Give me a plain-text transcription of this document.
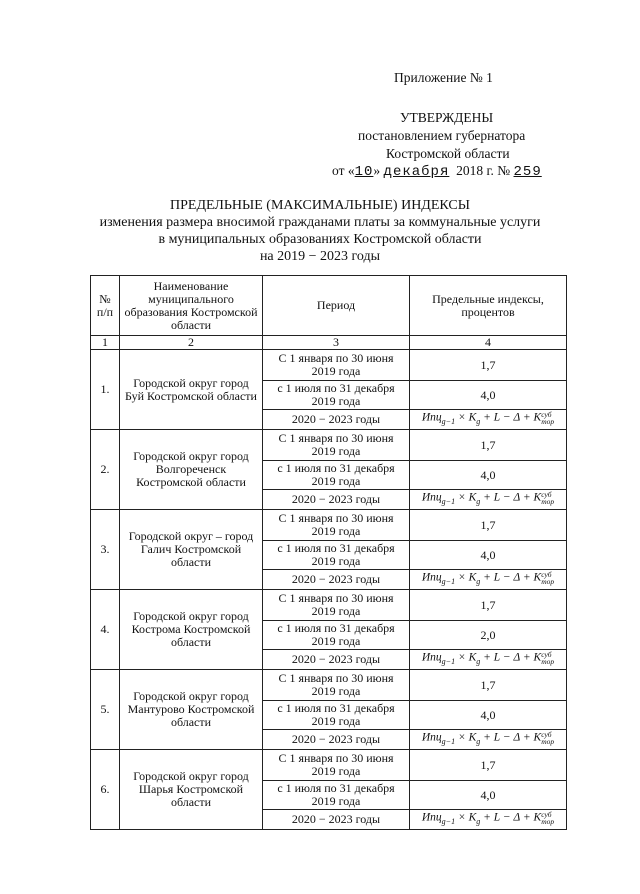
Приложение № 1
УТВЕРЖДЕНЫ
постановлением губернатора
Костромской области
от «10» декабря 2018 г. № 259
ПРЕДЕЛЬНЫЕ (МАКСИМАЛЬНЫЕ) ИНДЕКСЫ
изменения размера вносимой гражданами платы за коммунальные услуги
в муниципальных образованиях Костромской области
на 2019 − 2023 годы
№ п/п	Наименование муниципального образования Костромской области	Период	Предельные индексы, процентов
1	2	3	4
1.	Городской округ город Буй Костромской области	С 1 января по 30 июня 2019 года	1,7
		с 1 июля по 31 декабря 2019 года	4,0
		2020 − 2023 годы	$Иnц_{g-1} \times K_g + L - \Delta$ + Kсуб
тор
2.	Городской округ город Волгореченск Костромской области	С 1 января по 30 июня 2019 года	1,7
		с 1 июля по 31 декабря 2019 года	4,0
		2020 − 2023 годы	$Иnц_{g-1} \times K_g + L - \Delta$ + Kсуб
тор
3.	Городской округ – город Галич Костромской области	С 1 января по 30 июня 2019 года	1,7
		с 1 июля по 31 декабря 2019 года	4,0
		2020 − 2023 годы	$Иnц_{g-1} \times K_g + L - \Delta$ + Kсуб
тор
4.	Городской округ город Кострома Костромской области	С 1 января по 30 июня 2019 года	1,7
		с 1 июля по 31 декабря 2019 года	2,0
		2020 − 2023 годы	$Иnц_{g-1} \times K_g + L - \Delta$ + Kсуб
тор
5.	Городской округ город Мантурово Костромской области	С 1 января по 30 июня 2019 года	1,7
		с 1 июля по 31 декабря 2019 года	4,0
		2020 − 2023 годы	$Иnц_{g-1} \times K_g + L - \Delta$ + Kсуб
тор
6.	Городской округ город Шарья Костромской области	С 1 января по 30 июня 2019 года	1,7
		с 1 июля по 31 декабря 2019 года	4,0
		2020 − 2023 годы	$Иnц_{g-1} \times K_g + L - \Delta$ + Kсуб
тор
